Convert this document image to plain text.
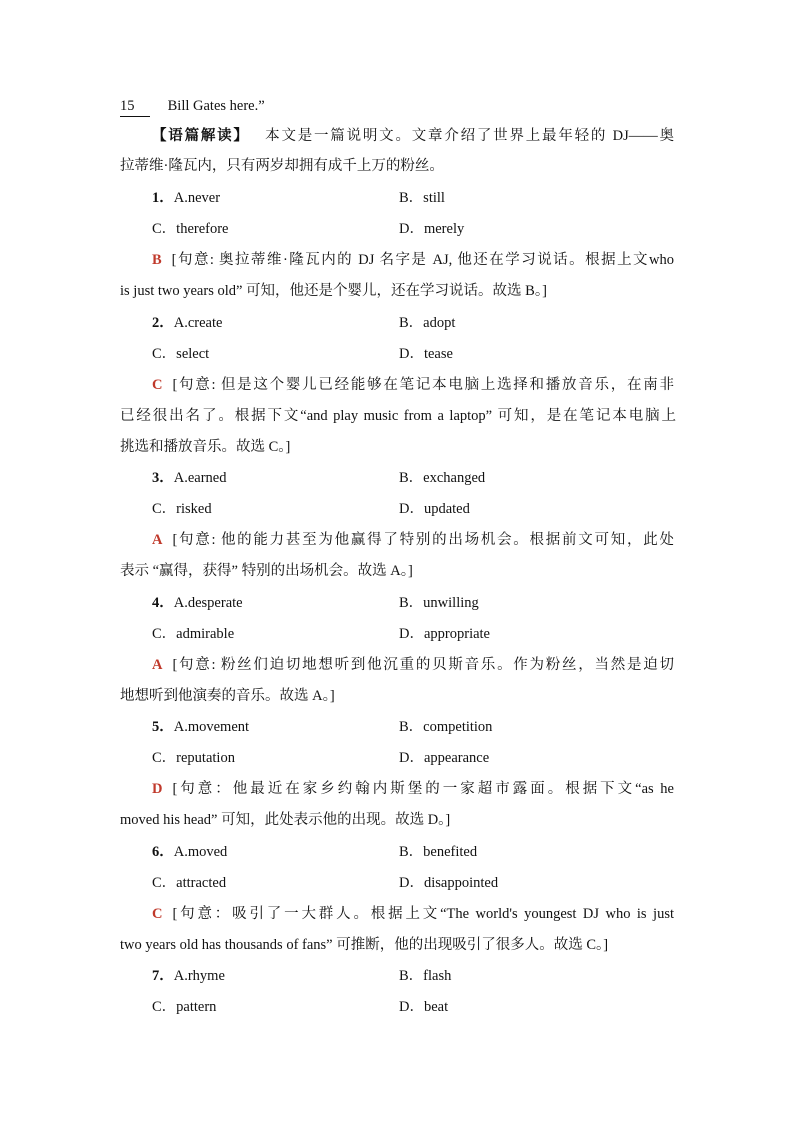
15 Bill Gates here.”
【语篇解读】 本文是一篇说明文。文章介绍了世界上最年轻的 DJ——奥
拉蒂维·隆瓦内，只有两岁却拥有成千上万的粉丝。
1．A.never	B．still
C．therefore	D．merely
B [句意: 奥拉蒂维·隆瓦内的 DJ 名字是 AJ, 他还在学习说话。根据上文who
is just two years old” 可知，他还是个婴儿，还在学习说话。故选 B。]
2．A.create	B．adopt
C．select	D．tease
C [句意: 但是这个婴儿已经能够在笔记本电脑上选择和播放音乐，在南非
已经很出名了。根据下文“and play music from a laptop” 可知，是在笔记本电脑上
挑选和播放音乐。故选 C。]
3．A.earned	B．exchanged
C．risked	D．updated
A [句意: 他的能力甚至为他赢得了特别的出场机会。根据前文可知，此处
表示 “赢得，获得” 特别的出场机会。故选 A。]
4．A.desperate	B．unwilling
C．admirable	D．appropriate
A [句意: 粉丝们迫切地想听到他沉重的贝斯音乐。作为粉丝，当然是迫切
地想听到他演奏的音乐。故选 A。]
5．A.movement	B．competition
C．reputation	D．appearance
D [句意：他最近在家乡约翰内斯堡的一家超市露面。根据下文“as he
moved his head” 可知，此处表示他的出现。故选 D。]
6．A.moved	B．benefited
C．attracted	D．disappointed
C [句意：吸引了一大群人。根据上文“The world's youngest DJ who is just
two years old has thousands of fans” 可推断，他的出现吸引了很多人。故选 C。]
7．A.rhyme	B．flash
C．pattern	D．beat
